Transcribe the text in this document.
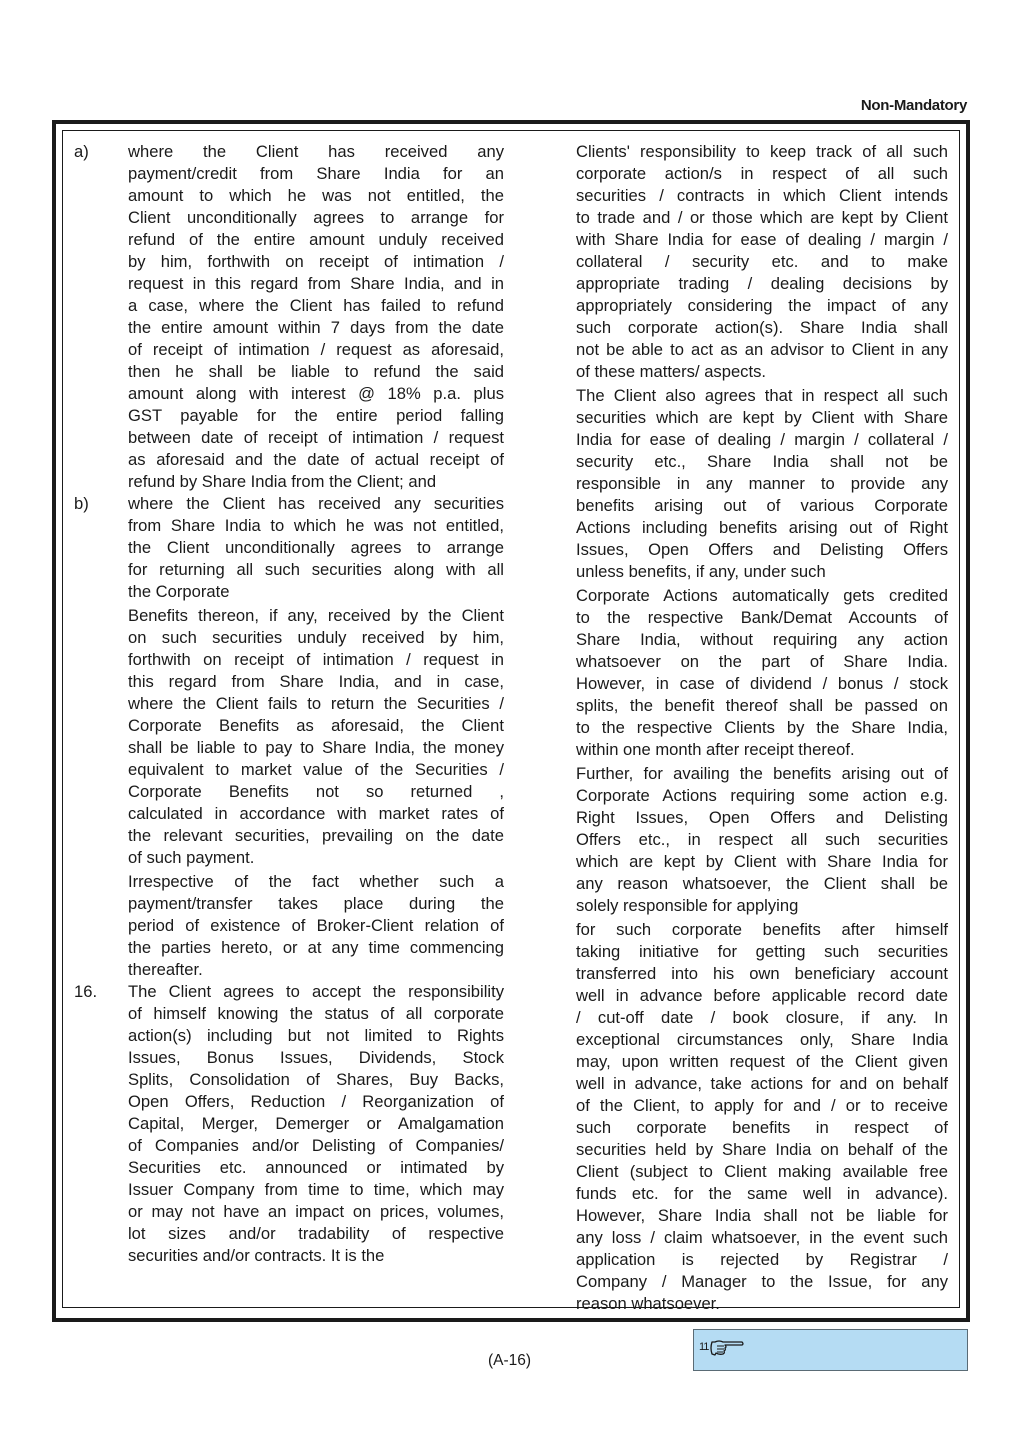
Non-Mandatory
a)	where the Client has received any
payment/credit from Share India for an
amount to which he was not entitled, the
Client unconditionally agrees to arrange for
refund of the entire amount unduly received
by him, forthwith on receipt of intimation /
request in this regard from Share India, and in
a case, where the Client has failed to refund
the entire amount within 7 days from the date
of receipt of intimation / request as aforesaid,
then he shall be liable to refund the said
amount along with interest @ 18% p.a. plus
GST payable for the entire period falling
between date of receipt of intimation / request
as aforesaid and the date of actual receipt of
refund by Share India from the Client; and
b)	where the Client has received any securities
from Share India to which he was not entitled,
the Client unconditionally agrees to arrange
for returning all such securities along with all
the Corporate
Benefits thereon, if any, received by the Client
on such securities unduly received by him,
forthwith on receipt of intimation / request in
this regard from Share India, and in case,
where the Client fails to return the Securities /
Corporate Benefits as aforesaid, the Client
shall be liable to pay to Share India, the money
equivalent to market value of the Securities /
Corporate Benefits not so returned ,
calculated in accordance with market rates of
the relevant securities, prevailing on the date
of such payment.
Irrespective of the fact whether such a
payment/transfer takes place during the
period of existence of Broker-Client relation of
the parties hereto, or at any time commencing
thereafter.
16.	The Client agrees to accept the responsibility
of himself knowing the status of all corporate
action(s) including but not limited to Rights
Issues, Bonus Issues, Dividends, Stock
Splits, Consolidation of Shares, Buy Backs,
Open Offers, Reduction / Reorganization of
Capital, Merger, Demerger or Amalgamation
of Companies and/or Delisting of Companies/
Securities etc. announced or intimated by
Issuer Company from time to time, which may
or may not have an impact on prices, volumes,
lot sizes and/or tradability of respective
securities and/or contracts. It is the
Clients' responsibility to keep track of all such
corporate action/s in respect of all such
securities / contracts in which Client intends
to trade and / or those which are kept by Client
with Share India for ease of dealing / margin /
collateral / security etc. and to make
appropriate trading / dealing decisions by
appropriately considering the impact of any
such corporate action(s). Share India shall
not be able to act as an advisor to Client in any
of these matters/ aspects.
The Client also agrees that in respect all such
securities which are kept by Client with Share
India for ease of dealing / margin / collateral /
security etc., Share India shall not be
responsible in any manner to provide any
benefits arising out of various Corporate
Actions including benefits arising out of Right
Issues, Open Offers and Delisting Offers
unless benefits, if any, under such
Corporate Actions automatically gets credited
to the respective Bank/Demat Accounts of
Share India, without requiring any action
whatsoever on the part of Share India.
However, in case of dividend / bonus / stock
splits, the benefit thereof shall be passed on
to the respective Clients by the Share India,
within one month after receipt thereof.
Further, for availing the benefits arising out of
Corporate Actions requiring some action e.g.
Right Issues, Open Offers and Delisting
Offers etc., in respect all such securities
which are kept by Client with Share India for
any reason whatsoever, the Client shall be
solely responsible for applying
for such corporate benefits after himself
taking initiative for getting such securities
transferred into his own beneficiary account
well in advance before applicable record date
/ cut-off date / book closure, if any. In
exceptional circumstances only, Share India
may, upon written request of the Client given
well in advance, take actions for and on behalf
of the Client, to apply for and / or to receive
such corporate benefits in respect of
securities held by Share India on behalf of the
Client (subject to Client making available free
funds etc. for the same well in advance).
However, Share India shall not be liable for
any loss / claim whatsoever, in the event such
application is rejected by Registrar /
Company / Manager to the Issue, for any
reason whatsoever.
(A-16)
11
